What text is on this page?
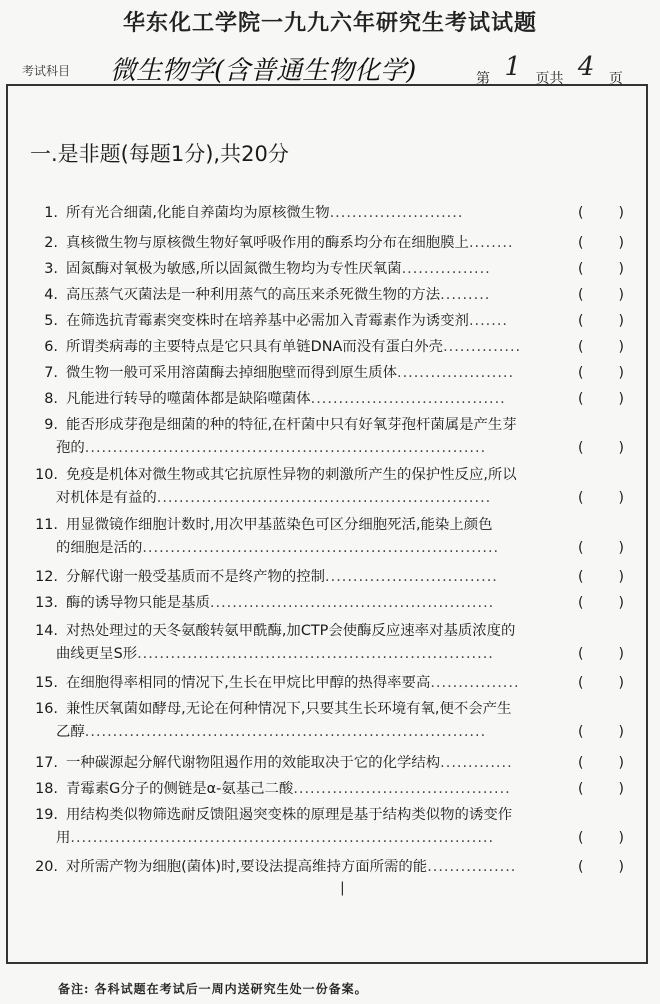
华东化工学院一九九六年研究生考试试题
考试科目 微生物学(含普通生物化学)	第 1 页共 4 页
一.是非题(每题1分),共20分
1. 所有光合细菌,化能自养菌均为原核微生物........................	(	)
2. 真核微生物与原核微生物好氧呼吸作用的酶系均分布在细胞膜上........	(	)
3. 固氮酶对氧极为敏感,所以固氮微生物均为专性厌氧菌................	(	)
4. 高压蒸气灭菌法是一种利用蒸气的高压来杀死微生物的方法.........	(	)
5. 在筛选抗青霉素突变株时在培养基中必需加入青霉素作为诱变剂.......	(	)
6. 所谓类病毒的主要特点是它只具有单链DNA而没有蛋白外壳..............	(	)
7. 微生物一般可采用溶菌酶去掉细胞壁而得到原生质体.....................	(	)
8. 凡能进行转导的噬菌体都是缺陷噬菌体...................................	(	)
9. 能否形成芽孢是细菌的种的特征,在杆菌中只有好氧芽孢杆菌属是产生芽
孢的........................................................................	(	)
10. 免疫是机体对微生物或其它抗原性异物的刺激所产生的保护性反应,所以
对机体是有益的............................................................	(	)
11. 用显微镜作细胞计数时,用次甲基蓝染色可区分细胞死活,能染上颜色
的细胞是活的................................................................	(	)
12. 分解代谢一般受基质而不是终产物的控制...............................	(	)
13. 酶的诱导物只能是基质...................................................	(	)
14. 对热处理过的天冬氨酸转氨甲酰酶,加CTP会使酶反应速率对基质浓度的
曲线更呈S形................................................................	(	)
15. 在细胞得率相同的情况下,生长在甲烷比甲醇的热得率要高................	(	)
16. 兼性厌氧菌如酵母,无论在何种情况下,只要其生长环境有氧,便不会产生
乙醇........................................................................	(	)
17. 一种碳源起分解代谢物阻遏作用的效能取决于它的化学结构.............	(	)
18. 青霉素G分子的侧链是α-氨基己二酸.......................................	(	)
19. 用结构类似物筛选耐反馈阻遏突变株的原理是基于结构类似物的诱变作
用............................................................................	(	)
20. 对所需产物为细胞(菌体)时,要设法提高维持方面所需的能................	(	)
|
备注: 各科试题在考试后一周内送研究生处一份备案。
